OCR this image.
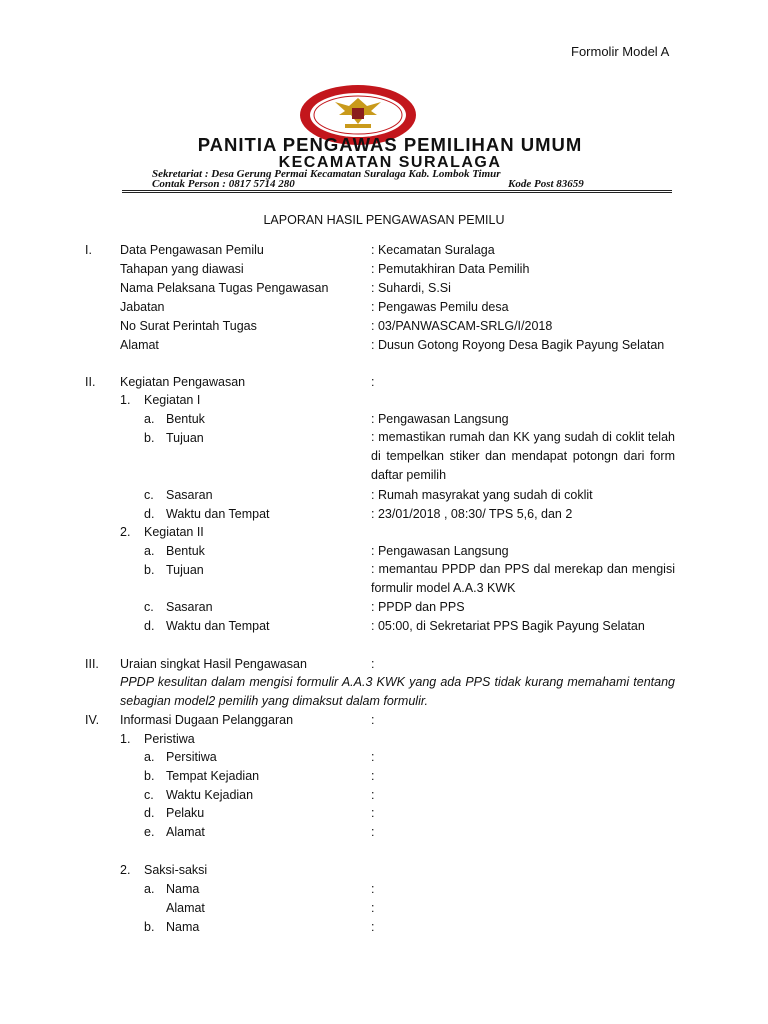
Formolir Model A
PANITIA PENGAWAS PEMILIHAN UMUM
KECAMATAN SURALAGA
Sekretariat : Desa Gerung Permai Kecamatan Suralaga Kab. Lombok Timur
Contak Person : 0817 5714 280	Kode Post 83659
LAPORAN HASIL PENGAWASAN PEMILU
I. Data Pengawasan Pemilu	: Kecamatan Suralaga
Tahapan yang diawasi	: Pemutakhiran Data Pemilih
Nama Pelaksana Tugas Pengawasan	: Suhardi, S.Si
Jabatan	: Pengawas Pemilu desa
No Surat Perintah Tugas	: 03/PANWASCAM-SRLG/I/2018
Alamat	: Dusun Gotong Royong Desa Bagik Payung Selatan
II. Kegiatan Pengawasan	:
1. Kegiatan I
a. Bentuk	: Pengawasan Langsung
b. Tujuan	: memastikan rumah dan KK yang sudah di coklit telah di tempelkan stiker dan mendapat potongn dari form daftar pemilih
c. Sasaran	: Rumah masyrakat yang sudah di coklit
d. Waktu dan Tempat	: 23/01/2018 , 08:30/ TPS 5,6, dan 2
2. Kegiatan II
a. Bentuk	: Pengawasan Langsung
b. Tujuan	: memantau PPDP dan PPS dal merekap dan mengisi formulir model A.A.3 KWK
c. Sasaran	: PPDP dan PPS
d. Waktu dan Tempat	: 05:00, di Sekretariat PPS Bagik Payung Selatan
III. Uraian singkat Hasil Pengawasan	:
PPDP kesulitan dalam mengisi formulir A.A.3 KWK yang ada PPS tidak kurang memahami tentang sebagian model2 pemilih yang dimaksut dalam formulir.
IV. Informasi Dugaan Pelanggaran	:
1. Peristiwa
a. Persitiwa	:
b. Tempat Kejadian	:
c. Waktu Kejadian	:
d. Pelaku	:
e. Alamat	:
2. Saksi-saksi
a. Nama	:
Alamat	:
b. Nama	:
